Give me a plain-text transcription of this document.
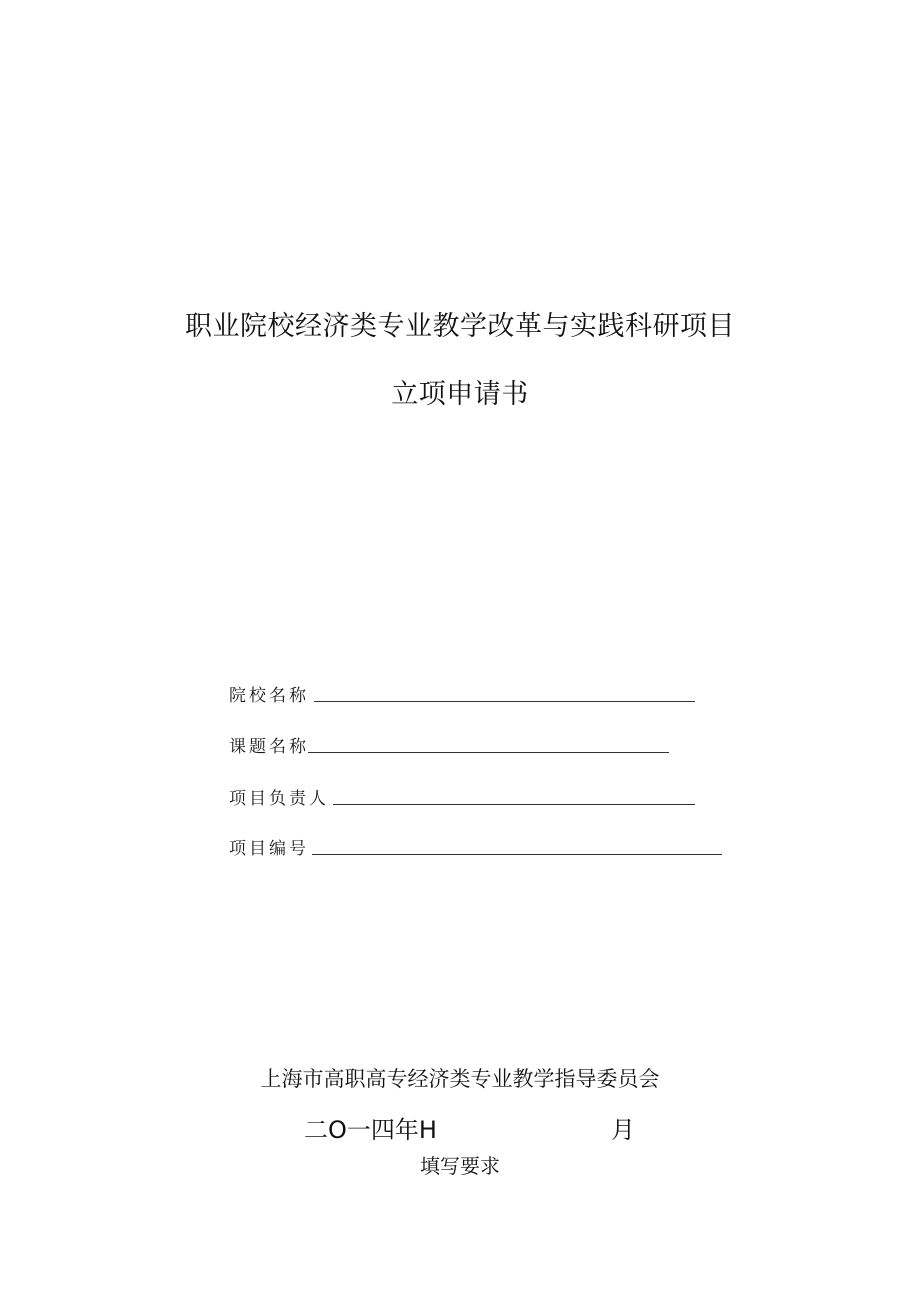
职业院校经济类专业教学改革与实践科研项目
立项申请书
院校名称
课题名称
项目负责人
项目编号
上海市高职高专经济类专业教学指导委员会
二O一四年H	月
填写要求
